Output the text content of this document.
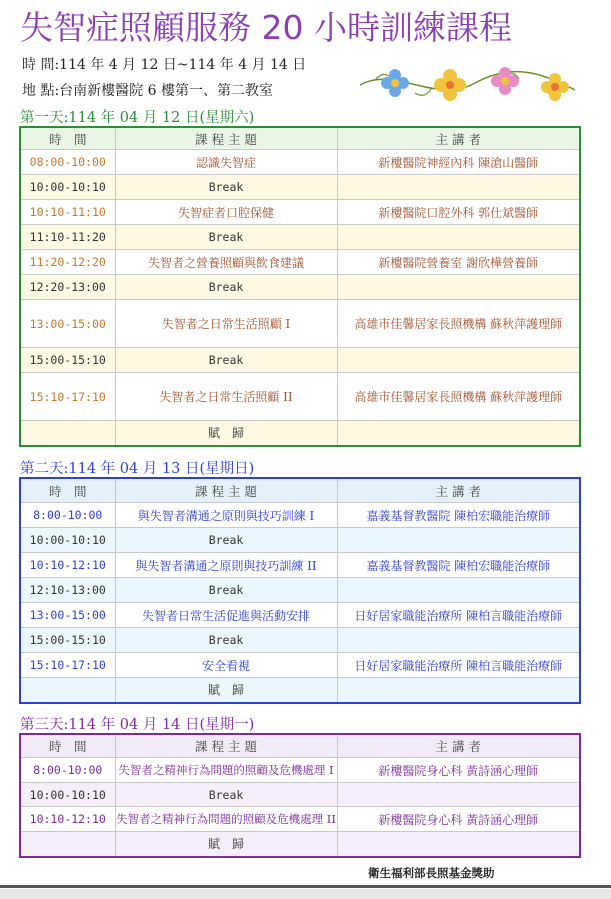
失智症照顧服務 20 小時訓練課程
時 間:114 年 4 月 12 日~114 年 4 月 14 日
地 點:台南新樓醫院 6 樓第一、第二教室
第一天:114 年 04 月 12 日(星期六)
時　間	課 程 主 題	主 講 者
08:00-10:00	認識失智症	新樓醫院神經內科 陳滄山醫師
10:00-10:10	Break	
10:10-11:10	失智症者口腔保健	新樓醫院口腔外科 郭仕斌醫師
11:10-11:20	Break	
11:20-12:20	失智者之營養照顧與飲食建議	新樓醫院營養室 謝欣樺營養師
12:20-13:00	Break	
13:00-15:00	失智者之日常生活照顧 I	高雄市佳馨居家長照機構 蘇秋萍護理師
15:00-15:10	Break	
15:10-17:10	失智者之日常生活照顧 II	高雄市佳馨居家長照機構 蘇秋萍護理師
	賦　歸	
第二天:114 年 04 月 13 日(星期日)
時　間	課 程 主 題	主 講 者
8:00-10:00	與失智者溝通之原則與技巧訓練 I	嘉義基督教醫院 陳柏宏職能治療師
10:00-10:10	Break	
10:10-12:10	與失智者溝通之原則與技巧訓練 II	嘉義基督教醫院 陳柏宏職能治療師
12:10-13:00	Break	
13:00-15:00	失智者日常生活促進與活動安排	日好居家職能治療所 陳柏言職能治療師
15:00-15:10	Break	
15:10-17:10	安全看視	日好居家職能治療所 陳柏言職能治療師
	賦　歸	
第三天:114 年 04 月 14 日(星期一)
時　間	課 程 主 題	主 講 者
8:00-10:00	失智者之精神行為問題的照顧及危機處理 I	新樓醫院身心科 黃詩涵心理師
10:00-10:10	Break	
10:10-12:10	失智者之精神行為問題的照顧及危機處理 II	新樓醫院身心科 黃詩涵心理師
	賦　歸	
衛生福利部長照基金獎助
